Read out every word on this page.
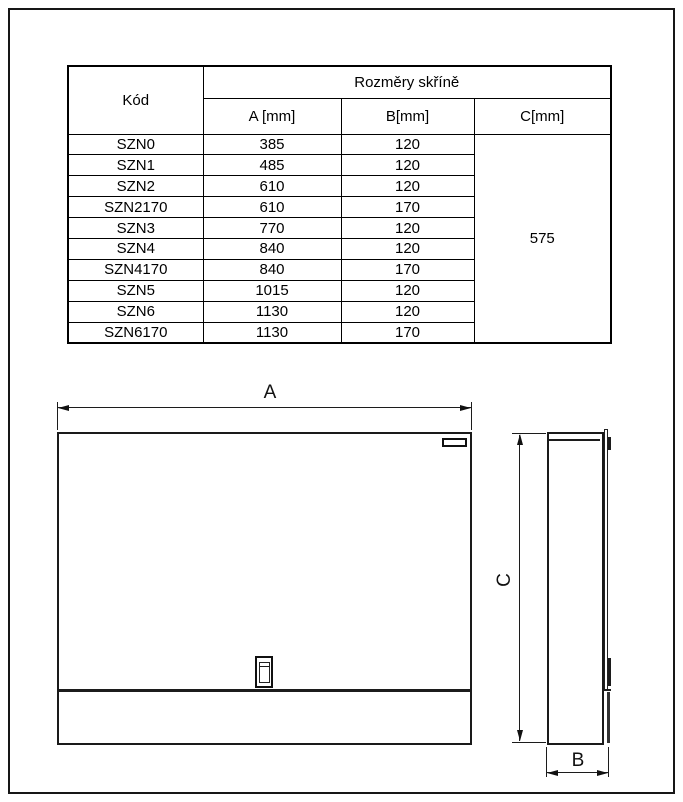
Kód	Rozměry skříně		
	A [mm]	B[mm]	C[mm]
SZN0	385	120	575
SZN1	485	120	
SZN2	610	120	
SZN2170	610	170	
SZN3	770	120	
SZN4	840	120	
SZN4170	840	170	
SZN5	1015	120	
SZN6	1130	120	
SZN6170	1130	170	
A
C
B
